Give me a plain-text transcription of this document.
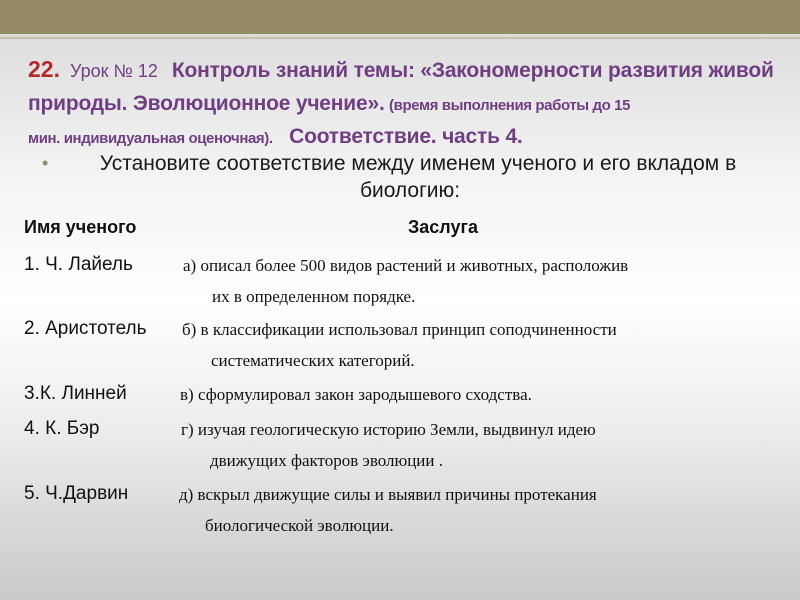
22. Урок № 12 Контроль знаний темы: «Закономерности развития живой природы. Эволюционное учение». (время выполнения работы до 15
мин. индивидуальная оценочная). Соответствие. часть 4.
• Установите соответствие между именем ученого и его вкладом в
биологию:
Имя ученого	Заслуга
1. Ч. Лайель	а) описал более 500 видов растений и животных, расположив
их в определенном порядке.
2. Аристотель б) в классификации использовал принцип соподчиненности
систематических категорий.
3.К. Линней	в) сформулировал закон зародышевого сходства.
4. К. Бэр	г) изучая геологическую историю Земли, выдвинул идею
движущих факторов эволюции .
5. Ч.Дарвин	д) вскрыл движущие силы и выявил причины протекания
биологической эволюции.
